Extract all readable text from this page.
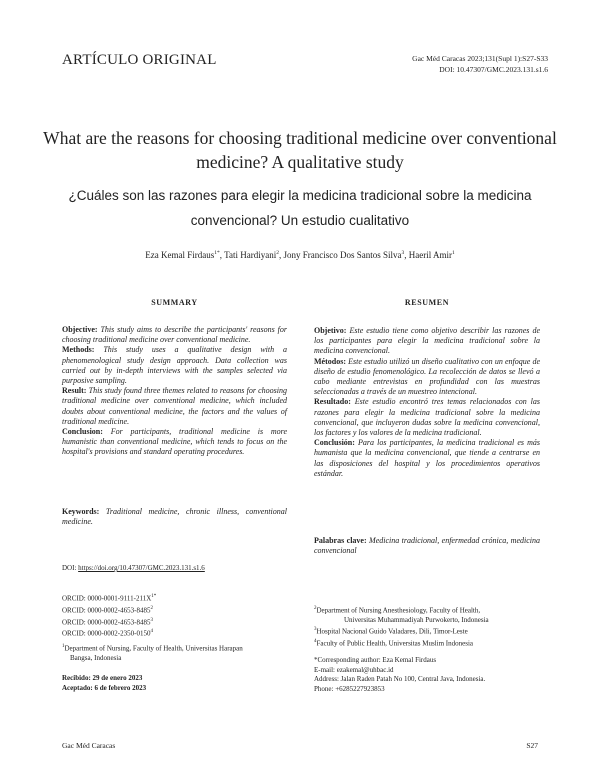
ARTÍCULO ORIGINAL	Gac Méd Caracas 2023;131(Supl 1):S27-S33
DOI: 10.47307/GMC.2023.131.s1.6
What are the reasons for choosing traditional medicine over conventional medicine? A qualitative study
¿Cuáles son las razones para elegir la medicina tradicional sobre la medicina convencional? Un estudio cualitativo
Eza Kemal Firdaus$^{1*}$, Tati Hardiyani$^2$, Jony Francisco Dos Santos Silva$^3$, Haeril Amir$^1$
SUMMARY

Objective: This study aims to describe the participants' reasons for choosing traditional medicine over conventional medicine.

Methods: This study uses a qualitative design with a phenomenological study design approach. Data collection was carried out by in-depth interviews with the samples selected via purposive sampling.

Result: This study found three themes related to reasons for choosing traditional medicine over conventional medicine, which included doubts about conventional medicine, the factors and the values of traditional medicine.

Conclusion: For participants, traditional medicine is more humanistic than conventional medicine, which tends to focus on the hospital's provisions and standard operating procedures.

Keywords: Traditional medicine, chronic illness, conventional medicine.
RESUMEN

Objetivo: Este estudio tiene como objetivo describir las razones de los participantes para elegir la medicina tradicional sobre la medicina convencional.

Métodos: Este estudio utilizó un diseño cualitativo con un enfoque de diseño de estudio fenomenológico. La recolección de datos se llevó a cabo mediante entrevistas en profundidad con las muestras seleccionadas a través de un muestreo intencional.

Resultado: Este estudio encontró tres temas relacionados con las razones para elegir la medicina tradicional sobre la medicina convencional, que incluyeron dudas sobre la medicina convencional, los factores y los valores de la medicina tradicional.

Conclusión: Para los participantes, la medicina tradicional es más humanista que la medicina convencional, que tiende a centrarse en las disposiciones del hospital y los procedimientos operativos estándar.

Palabras clave: Medicina tradicional, enfermedad crónica, medicina convencional
DOI: https://doi.org/10.47307/GMC.2023.131.s1.6
ORCID: $0000-0001-9111-211X^{1*}$
ORCID: 0000-0002-4653-8485$^2$
ORCID: 0000-0002-4653-8485$^3$
ORCID: 0000-0002-2350-0150$^4$
$^1$Department of Nursing, Faculty of Health, Universitas Harapan
Bangsa, Indonesia
Recibido: 29 de enero 2023
Aceptado: 6 de febrero 2023
$^2$Department of Nursing Anesthesiology, Faculty of Health,
Universitas Muhammadiyah Purwokerto, Indonesia
$^3$Hospital Nacional Guido Valadares, Dili, Timor-Leste
$^4$Faculty of Public Health, Universitas Muslim Indonesia
*Corresponding author: Eza Kemal Firdaus
E-mail: ezakemal@uhbac.id
Address: Jalan Raden Patah No 100, Central Java, Indonesia.
Phone: +6285227923853
Gac Méd Caracas	S27
